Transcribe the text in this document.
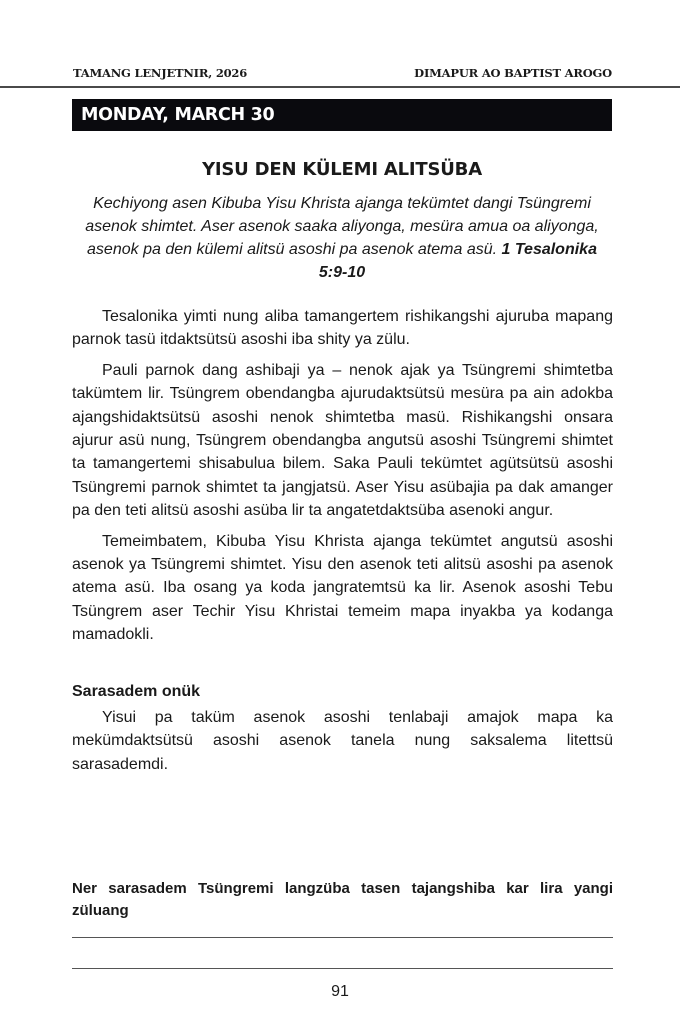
TAMANG LENJETNIR, 2026	DIMAPUR AO BAPTIST AROGO
MONDAY, MARCH 30
YISU DEN KÜLEMI ALITSÜBA
Kechiyong asen Kibuba Yisu Khrista ajanga tekümtet dangi Tsüngremi asenok shimtet. Aser asenok saaka aliyonga, mesüra amua oa aliyonga, asenok pa den külemi alitsü asoshi pa asenok atema asü. 1 Tesalonika 5:9-10

Tesalonika yimti nung aliba tamangertem rishikangshi ajuruba mapang parnok tasü itdaktsütsü asoshi iba shity ya zülu.

Pauli parnok dang ashibaji ya – nenok ajak ya Tsüngremi shimtetba takümtem lir. Tsüngrem obendangba ajurudaktsütsü mesüra pa ain adokba ajangshidaktsütsü asoshi nenok shimtetba masü. Rishikangshi onsara ajurur asü nung, Tsüngrem obendangba angutsü asoshi Tsüngremi shimtet ta tamangertemi shisabulua bilem. Saka Pauli tekümtet agütsütsü asoshi Tsüngremi parnok shimtet ta jangjatsü. Aser Yisu asübajia pa dak amanger pa den teti alitsü asoshi asüba lir ta angatetdaktsüba asenoki angur.

Temeimbatem, Kibuba Yisu Khrista ajanga tekümtet angutsü asoshi asenok ya Tsüngremi shimtet. Yisu den asenok teti alitsü asoshi pa asenok atema asü. Iba osang ya koda jangratemtsü ka lir. Asenok asoshi Tebu Tsüngrem aser Techir Yisu Khristai temeim mapa inyakba ya kodanga mamadokli.

Sarasadem onük

Yisui pa taküm asenok asoshi tenlabaji amajok mapa ka mekümdaktsütsü asoshi asenok tanela nung saksalema litettsü sarasademdi.

Ner sarasadem Tsüngremi langzüba tasen tajangshiba kar lira yangi züluang
91
